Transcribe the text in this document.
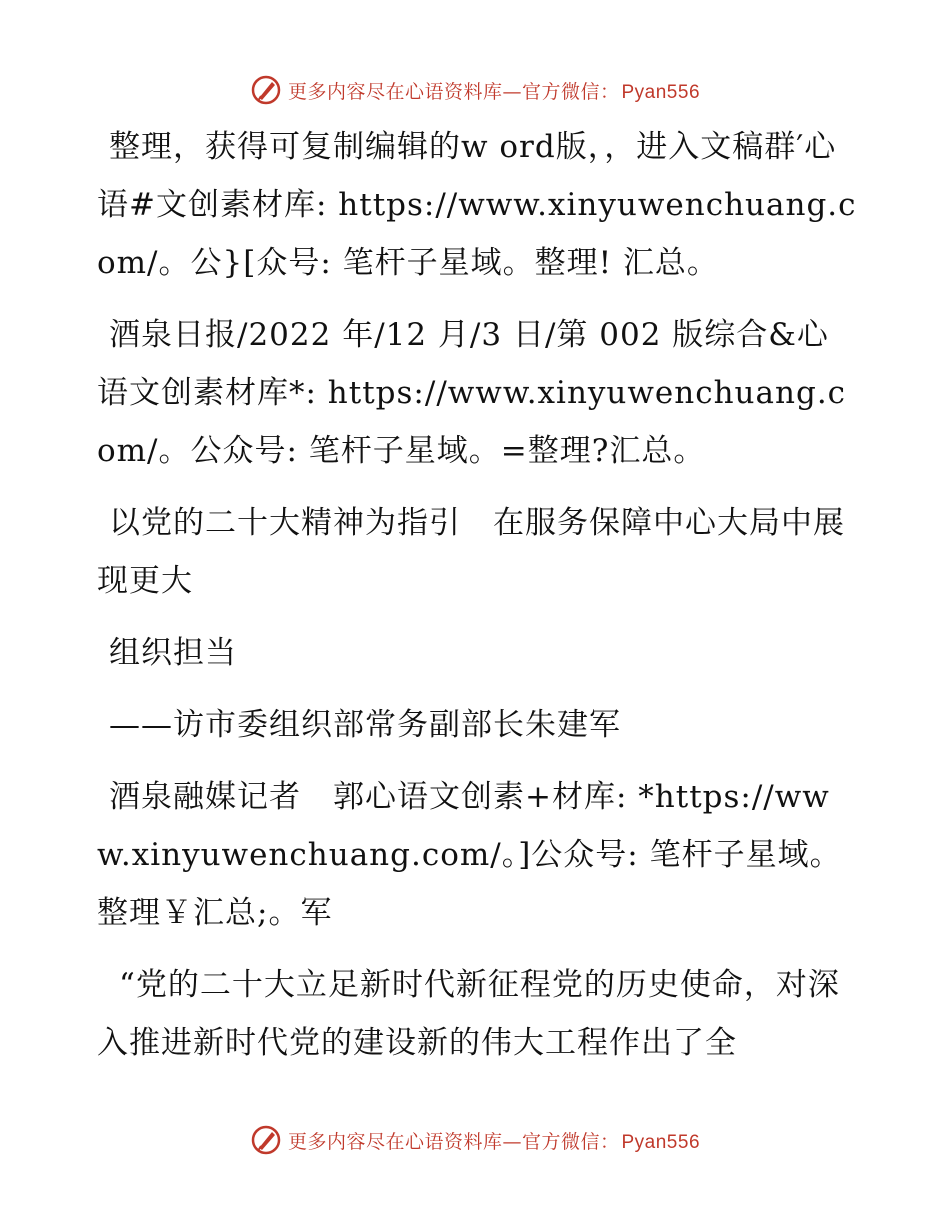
更多内容尽在心语资料库—官方微信： Pyan556

整理，获得可复制编辑的w ord版，，进入文稿群′心语#文创素材库: https://www.xinyuwenchuang.com/。公}[众号: 笔杆子星域。整理! 汇总。

酒泉日报/2022 年/12 月/3 日/第 002 版综合&心语文创素材库*: https://www.xinyuwenchuang.com/。公众号: 笔杆子星域。=整理?汇总。

以党的二十大精神为指引　在服务保障中心大局中展现更大

组织担当

——访市委组织部常务副部长朱建军

酒泉融媒记者　郭心语文创素+材库: *https://www.xinyuwenchuang.com/。]公众号: 笔杆子星域。整理￥汇总;。军

“党的二十大立足新时代新征程党的历史使命，对深入推进新时代党的建设新的伟大工程作出了全

更多内容尽在心语资料库—官方微信： Pyan556
